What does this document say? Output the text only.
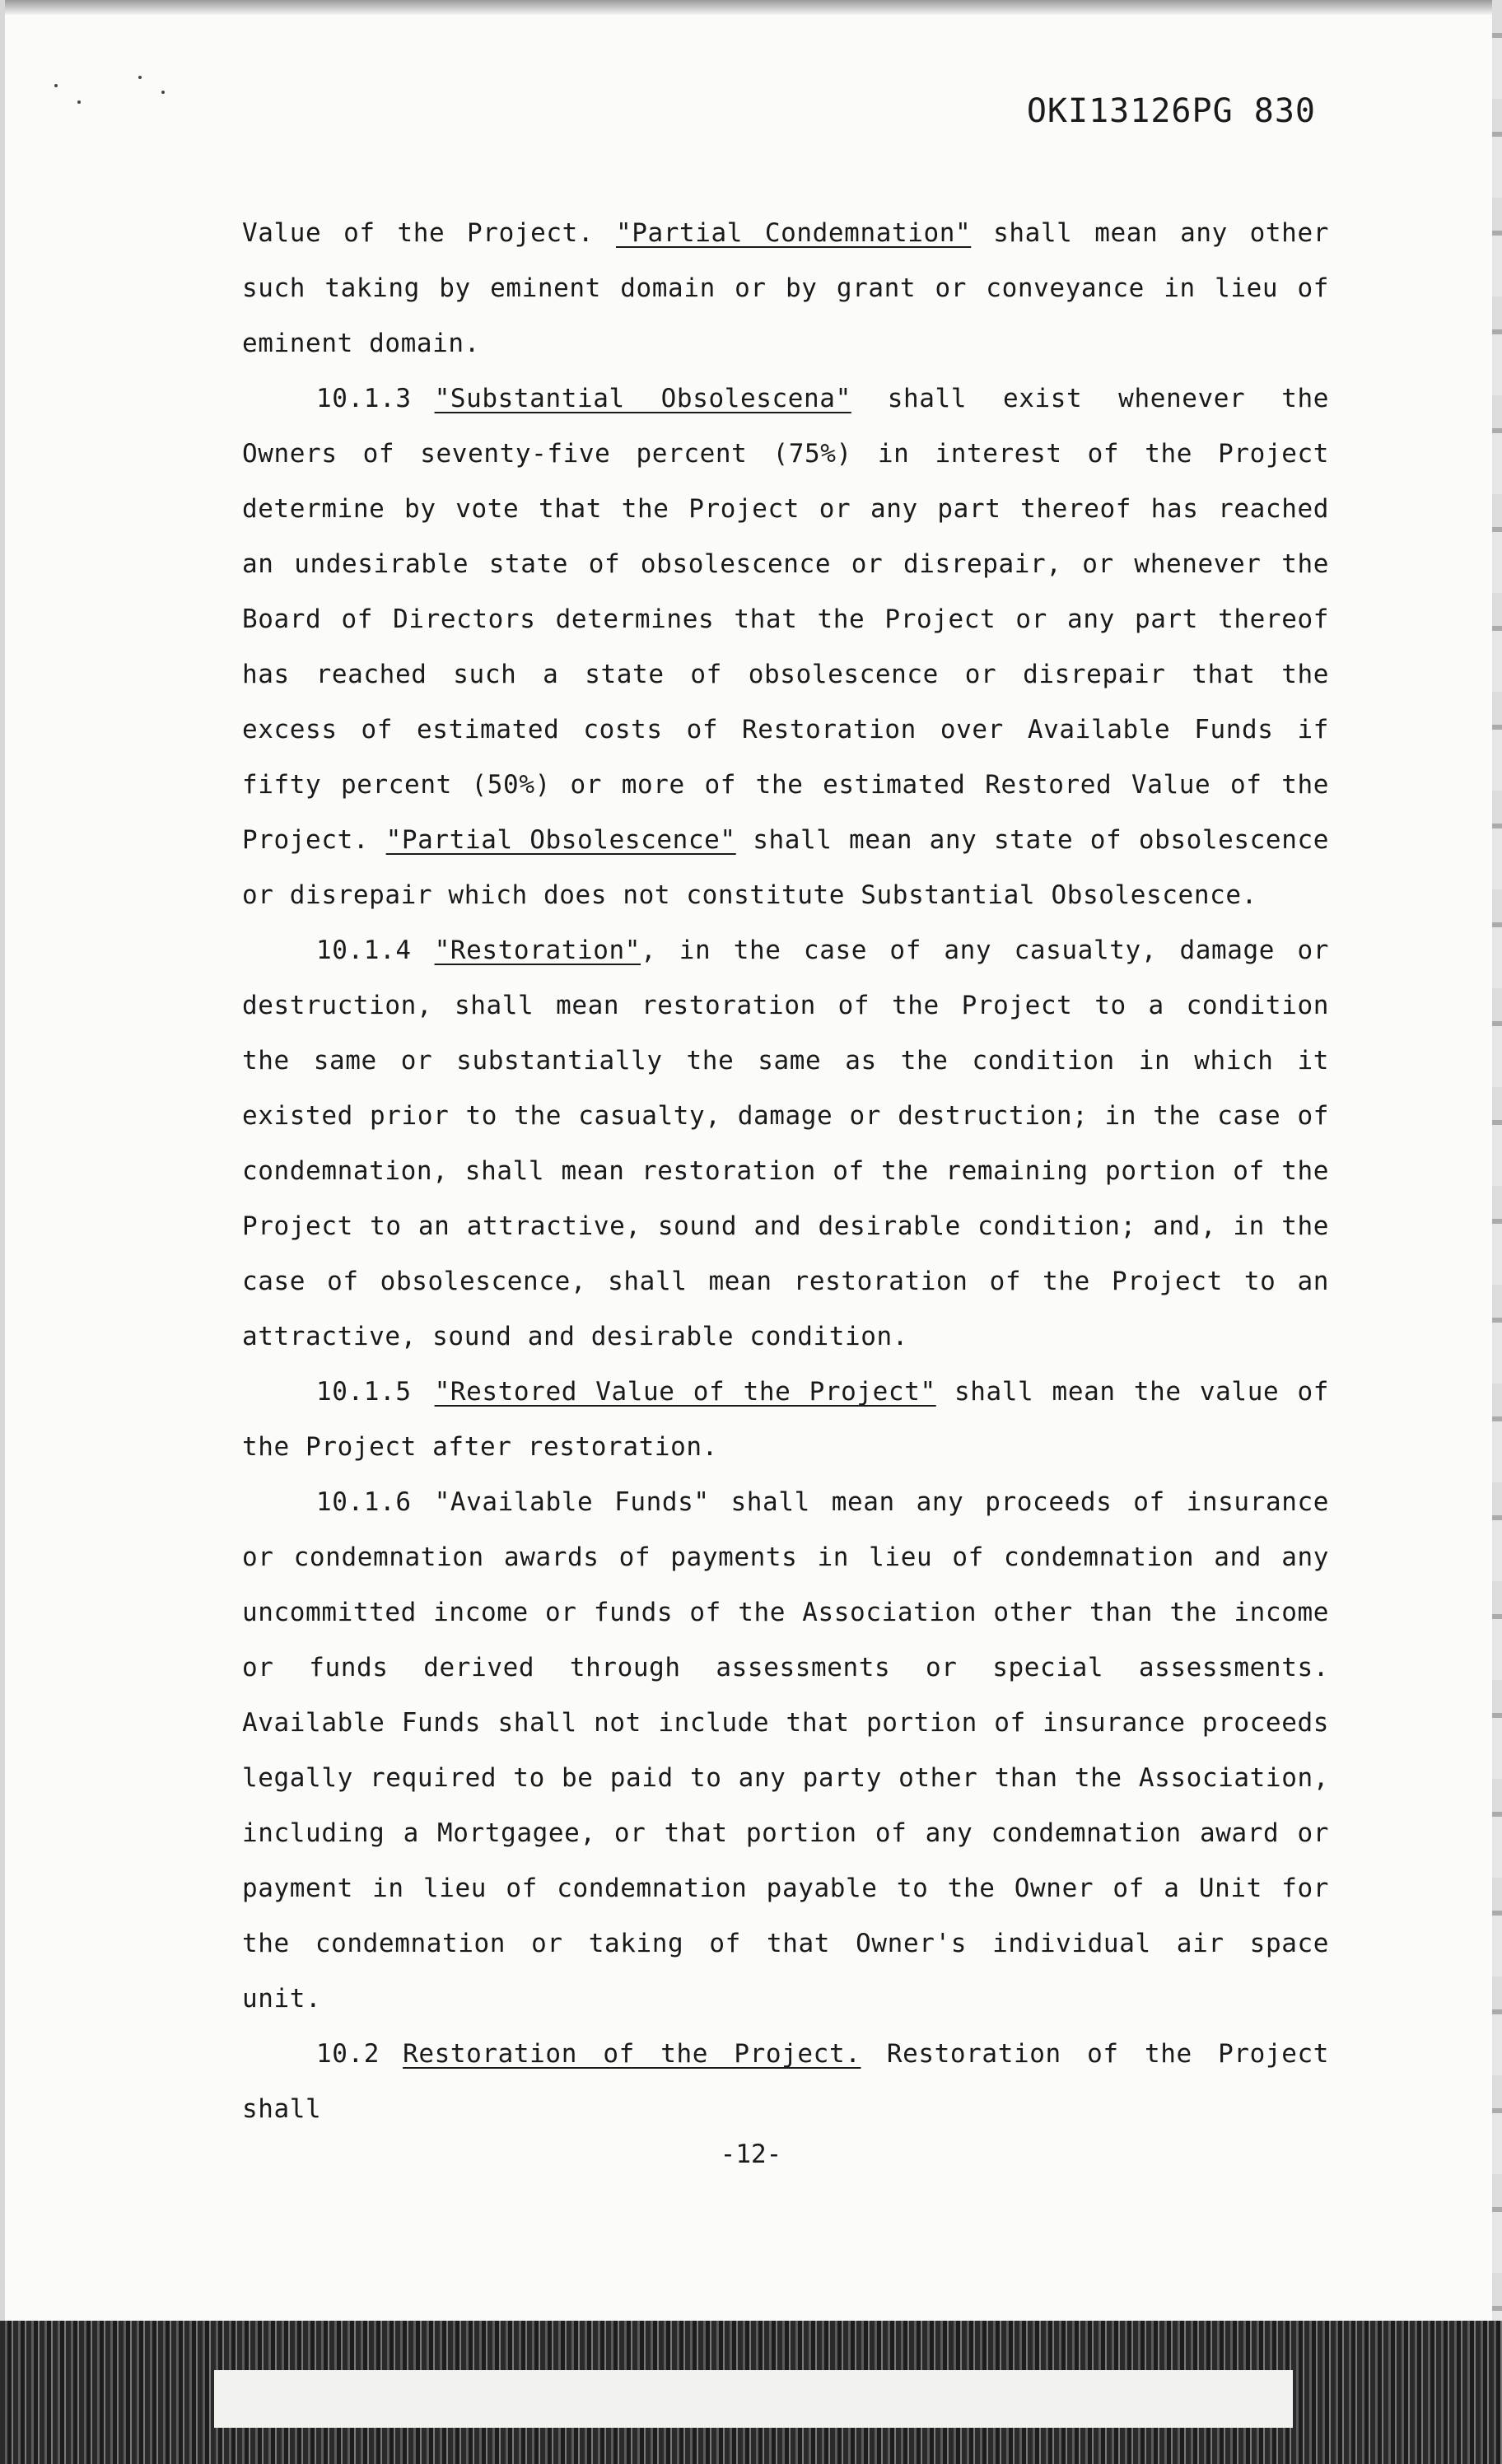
OKI13126PG 830

Value of the Project. "Partial Condemnation" shall mean any other such taking by eminent domain or by grant or conveyance in lieu of eminent domain.

10.1.3 "Substantial Obsolescena" shall exist whenever the Owners of seventy-five percent (75%) in interest of the Project determine by vote that the Project or any part thereof has reached an undesirable state of obsolescence or disrepair, or whenever the Board of Directors determines that the Project or any part thereof has reached such a state of obsolescence or disrepair that the excess of estimated costs of Restoration over Available Funds if fifty percent (50%) or more of the estimated Restored Value of the Project. "Partial Obsolescence" shall mean any state of obsolescence or disrepair which does not constitute Substantial Obsolescence.

10.1.4 "Restoration", in the case of any casualty, damage or destruction, shall mean restoration of the Project to a condition the same or substantially the same as the condition in which it existed prior to the casualty, damage or destruction; in the case of condemnation, shall mean restoration of the remaining portion of the Project to an attractive, sound and desirable condition; and, in the case of obsolescence, shall mean restoration of the Project to an attractive, sound and desirable condition.

10.1.5 "Restored Value of the Project" shall mean the value of the Project after restoration.

10.1.6 "Available Funds" shall mean any proceeds of insurance or condemnation awards of payments in lieu of condemnation and any uncommitted income or funds of the Association other than the income or funds derived through assessments or special assessments. Available Funds shall not include that portion of insurance proceeds legally required to be paid to any party other than the Association, including a Mortgagee, or that portion of any condemnation award or payment in lieu of condemnation payable to the Owner of a Unit for the condemnation or taking of that Owner's individual air space unit.

10.2 Restoration of the Project. Restoration of the Project shall

-12-
